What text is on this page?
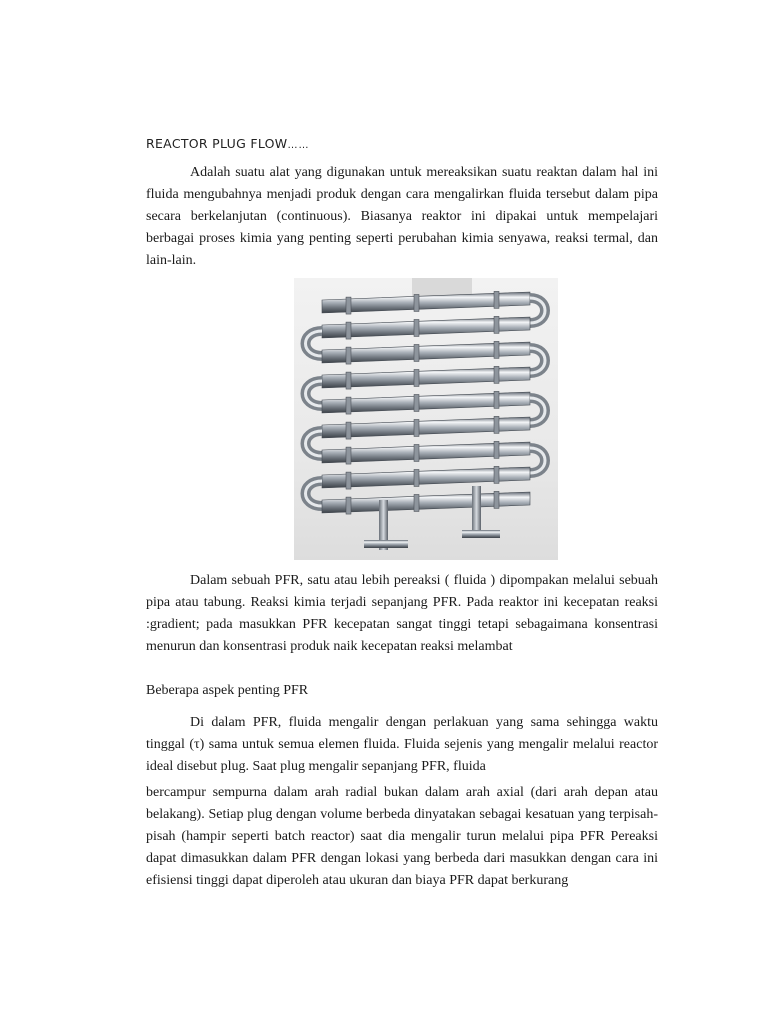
REACTOR PLUG FLOW……

Adalah suatu alat yang digunakan untuk mereaksikan suatu reaktan dalam hal ini fluida mengubahnya menjadi produk dengan cara mengalirkan fluida tersebut dalam pipa secara berkelanjutan (continuous). Biasanya reaktor ini dipakai untuk mempelajari berbagai proses kimia yang penting seperti perubahan kimia senyawa, reaksi termal, dan lain-lain.

Dalam sebuah PFR, satu atau lebih pereaksi ( fluida ) dipompakan melalui sebuah pipa atau tabung. Reaksi kimia terjadi sepanjang PFR. Pada reaktor ini kecepatan reaksi :gradient; pada masukkan PFR kecepatan sangat tinggi tetapi sebagaimana konsentrasi menurun dan konsentrasi produk naik kecepatan reaksi melambat

Beberapa aspek penting PFR

Di dalam PFR, fluida mengalir dengan perlakuan yang sama sehingga waktu tinggal (τ) sama untuk semua elemen fluida. Fluida sejenis yang mengalir melalui reactor ideal disebut plug. Saat plug mengalir sepanjang PFR, fluida

bercampur sempurna dalam arah radial bukan dalam arah axial (dari arah depan atau belakang). Setiap plug dengan volume berbeda dinyatakan sebagai kesatuan yang terpisah-pisah (hampir seperti batch reactor) saat dia mengalir turun melalui pipa PFR Pereaksi dapat dimasukkan dalam PFR dengan lokasi yang berbeda dari masukkan dengan cara ini efisiensi tinggi dapat diperoleh atau ukuran dan biaya PFR dapat berkurang
